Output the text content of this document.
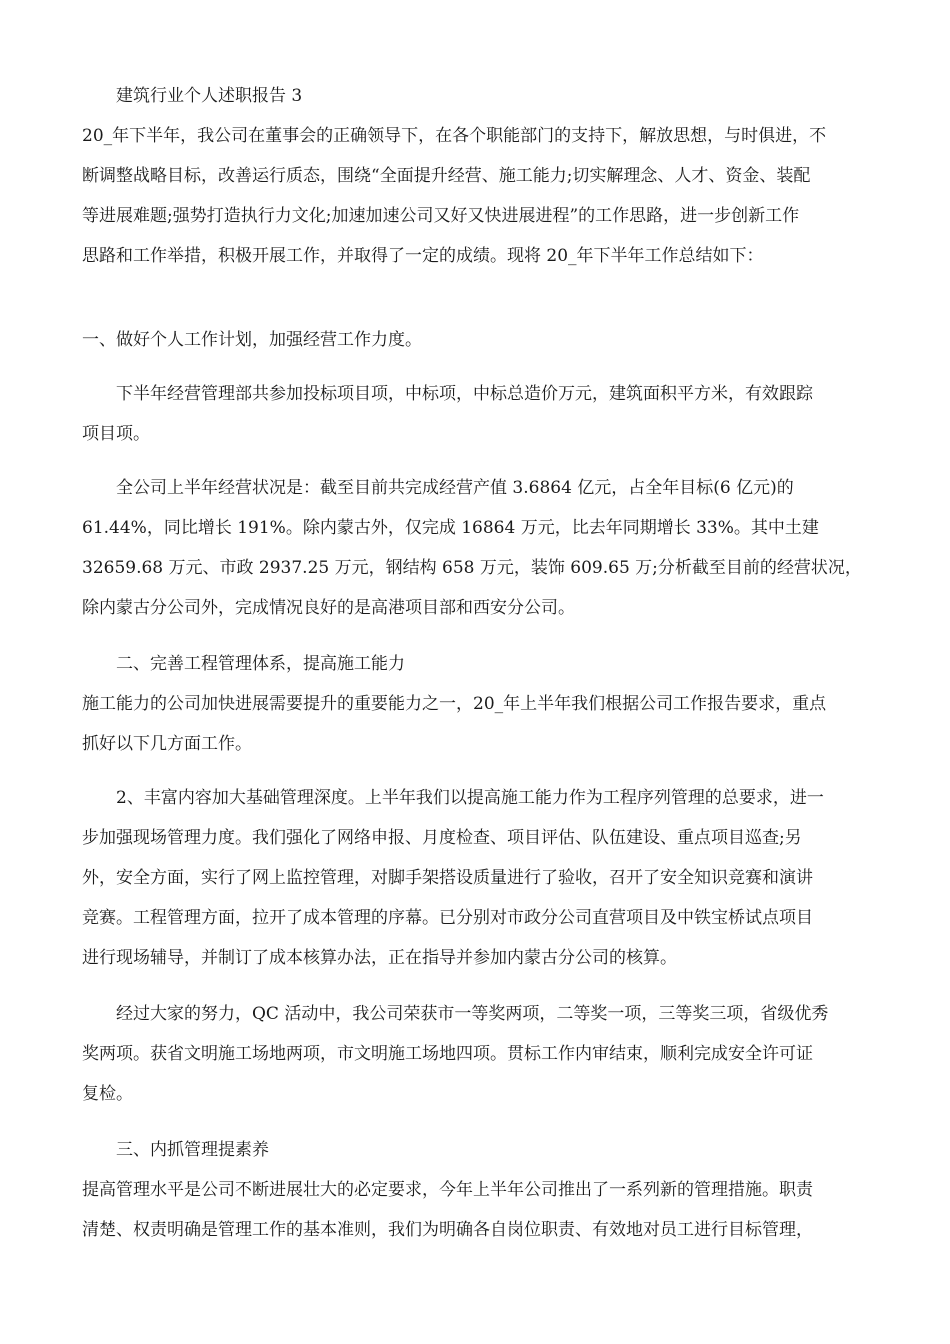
建筑行业个人述职报告 3
20_年下半年，我公司在董事会的正确领导下，在各个职能部门的支持下，解放思想，与时俱进，不
断调整战略目标，改善运行质态，围绕“全面提升经营、施工能力;切实解理念、人才、资金、装配
等进展难题;强势打造执行力文化;加速加速公司又好又快进展进程”的工作思路，进一步创新工作
思路和工作举措，积极开展工作，并取得了一定的成绩。现将 20_年下半年工作总结如下：
一、做好个人工作计划，加强经营工作力度。
下半年经营管理部共参加投标项目项，中标项，中标总造价万元，建筑面积平方米，有效跟踪
项目项。
全公司上半年经营状况是：截至目前共完成经营产值 3.6864 亿元，占全年目标(6 亿元)的
61.44%，同比增长 191%。除内蒙古外，仅完成 16864 万元，比去年同期增长 33%。其中土建
32659.68 万元、市政 2937.25 万元，钢结构 658 万元，装饰 609.65 万;分析截至目前的经营状况，
除内蒙古分公司外，完成情况良好的是高港项目部和西安分公司。
二、完善工程管理体系，提高施工能力
施工能力的公司加快进展需要提升的重要能力之一，20_年上半年我们根据公司工作报告要求，重点
抓好以下几方面工作。
2、丰富内容加大基础管理深度。上半年我们以提高施工能力作为工程序列管理的总要求，进一
步加强现场管理力度。我们强化了网络申报、月度检查、项目评估、队伍建设、重点项目巡查;另
外，安全方面，实行了网上监控管理，对脚手架搭设质量进行了验收，召开了安全知识竞赛和演讲
竞赛。工程管理方面，拉开了成本管理的序幕。已分别对市政分公司直营项目及中铁宝桥试点项目
进行现场辅导，并制订了成本核算办法，正在指导并参加内蒙古分公司的核算。
经过大家的努力，QC 活动中，我公司荣获市一等奖两项，二等奖一项，三等奖三项，省级优秀
奖两项。获省文明施工场地两项，市文明施工场地四项。贯标工作内审结束，顺利完成安全许可证
复检。
三、内抓管理提素养
提高管理水平是公司不断进展壮大的必定要求，今年上半年公司推出了一系列新的管理措施。职责
清楚、权责明确是管理工作的基本准则，我们为明确各自岗位职责、有效地对员工进行目标管理，
